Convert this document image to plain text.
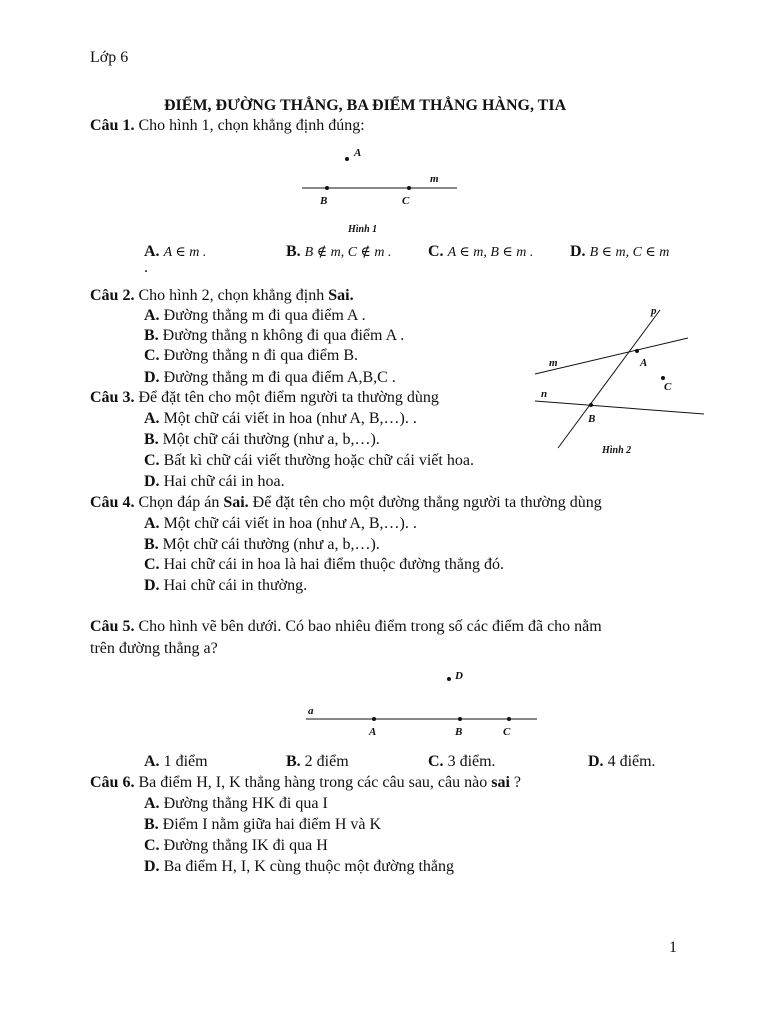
Lớp 6
ĐIỂM, ĐƯỜNG THẲNG, BA ĐIỂM THẲNG HÀNG, TIA
Câu 1. Cho hình 1, chọn khẳng định đúng:
A
B	C
m
Hình 1
A. A ∈ m .	B. B ∉ m, C ∉ m . C. A ∈ m, B ∈ m . D. B ∈ m, C ∈ m
.
Câu 2. Cho hình 2, chọn khẳng định Sai.
A. Đường thẳng m đi qua điểm A .
B. Đường thẳng n không đi qua điểm A .
C. Đường thẳng n đi qua điểm B.
D. Đường thẳng m đi qua điểm A,B,C .
p
m
n
A
B
C
Hình 2
Câu 3. Để đặt tên cho một điểm người ta thường dùng
A. Một chữ cái viết in hoa (như A, B,…). .
B. Một chữ cái thường (như a, b,…).
C. Bất kì chữ cái viết thường hoặc chữ cái viết hoa.
D. Hai chữ cái in hoa.
Câu 4. Chọn đáp án Sai. Để đặt tên cho một đường thẳng người ta thường dùng
A. Một chữ cái viết in hoa (như A, B,…). .
B. Một chữ cái thường (như a, b,…).
C. Hai chữ cái in hoa là hai điểm thuộc đường thẳng đó.
D. Hai chữ cái in thường.
Câu 5. Cho hình vẽ bên dưới. Có bao nhiêu điểm trong số các điểm đã cho nằm
trên đường thẳng a?
a
D
A	B	C
A. 1 điểm	B. 2 điểm	C. 3 điểm.	D. 4 điểm.
Câu 6. Ba điểm H, I, K thẳng hàng trong các câu sau, câu nào sai ?
A. Đường thẳng HK đi qua I
B. Điểm I nằm giữa hai điểm H và K
C. Đường thẳng IK đi qua H
D. Ba điểm H, I, K cùng thuộc một đường thẳng
1
